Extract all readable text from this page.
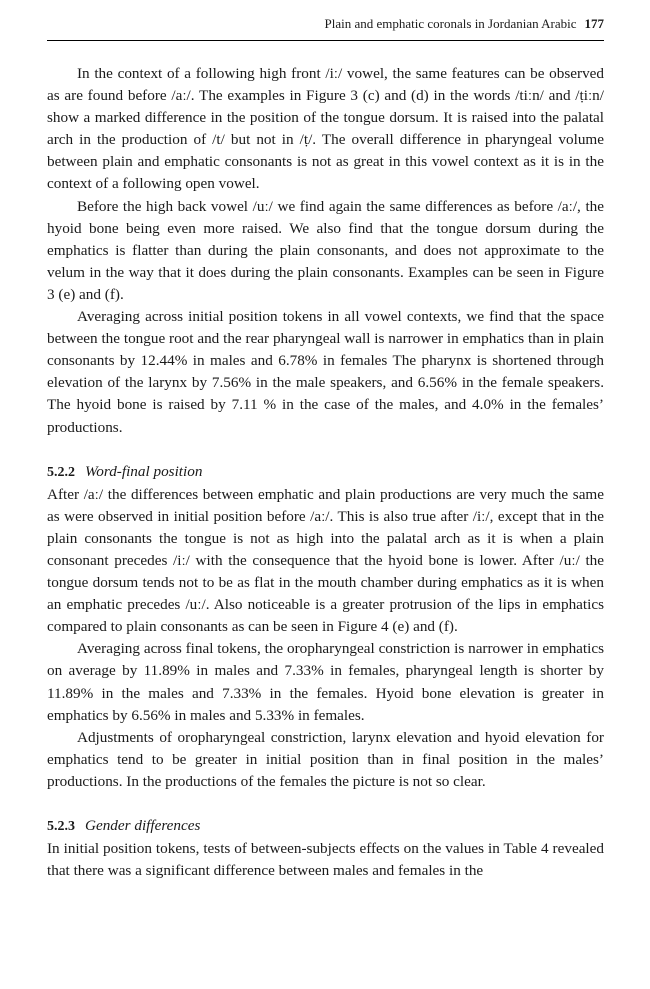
Plain and emphatic coronals in Jordanian Arabic 177

In the context of a following high front /iː/ vowel, the same features can be observed as are found before /aː/. The examples in Figure 3 (c) and (d) in the words /tiːn/ and /ṭiːn/ show a marked difference in the position of the tongue dorsum. It is raised into the palatal arch in the production of /t/ but not in /ṭ/. The overall difference in pharyngeal volume between plain and emphatic consonants is not as great in this vowel context as it is in the context of a following open vowel.

Before the high back vowel /uː/ we find again the same differences as before /aː/, the hyoid bone being even more raised. We also find that the tongue dorsum during the emphatics is flatter than during the plain consonants, and does not approximate to the velum in the way that it does during the plain consonants. Examples can be seen in Figure 3 (e) and (f).

Averaging across initial position tokens in all vowel contexts, we find that the space between the tongue root and the rear pharyngeal wall is narrower in emphatics than in plain consonants by 12.44% in males and 6.78% in females The pharynx is shortened through elevation of the larynx by 7.56% in the male speakers, and 6.56% in the female speakers. The hyoid bone is raised by 7.11 % in the case of the males, and 4.0% in the females’ productions.

5.2.2 Word-final position

After /aː/ the differences between emphatic and plain productions are very much the same as were observed in initial position before /aː/. This is also true after /iː/, except that in the plain consonants the tongue is not as high into the palatal arch as it is when a plain consonant precedes /iː/ with the consequence that the hyoid bone is lower. After /uː/ the tongue dorsum tends not to be as flat in the mouth chamber during emphatics as it is when an emphatic precedes /uː/. Also noticeable is a greater protrusion of the lips in emphatics compared to plain consonants as can be seen in Figure 4 (e) and (f).

Averaging across final tokens, the oropharyngeal constriction is narrower in emphatics on average by 11.89% in males and 7.33% in females, pharyngeal length is shorter by 11.89% in the males and 7.33% in the females. Hyoid bone elevation is greater in emphatics by 6.56% in males and 5.33% in females.

Adjustments of oropharyngeal constriction, larynx elevation and hyoid elevation for emphatics tend to be greater in initial position than in final position in the males’ productions. In the productions of the females the picture is not so clear.

5.2.3 Gender differences

In initial position tokens, tests of between-subjects effects on the values in Table 4 revealed that there was a significant difference between males and females in the
